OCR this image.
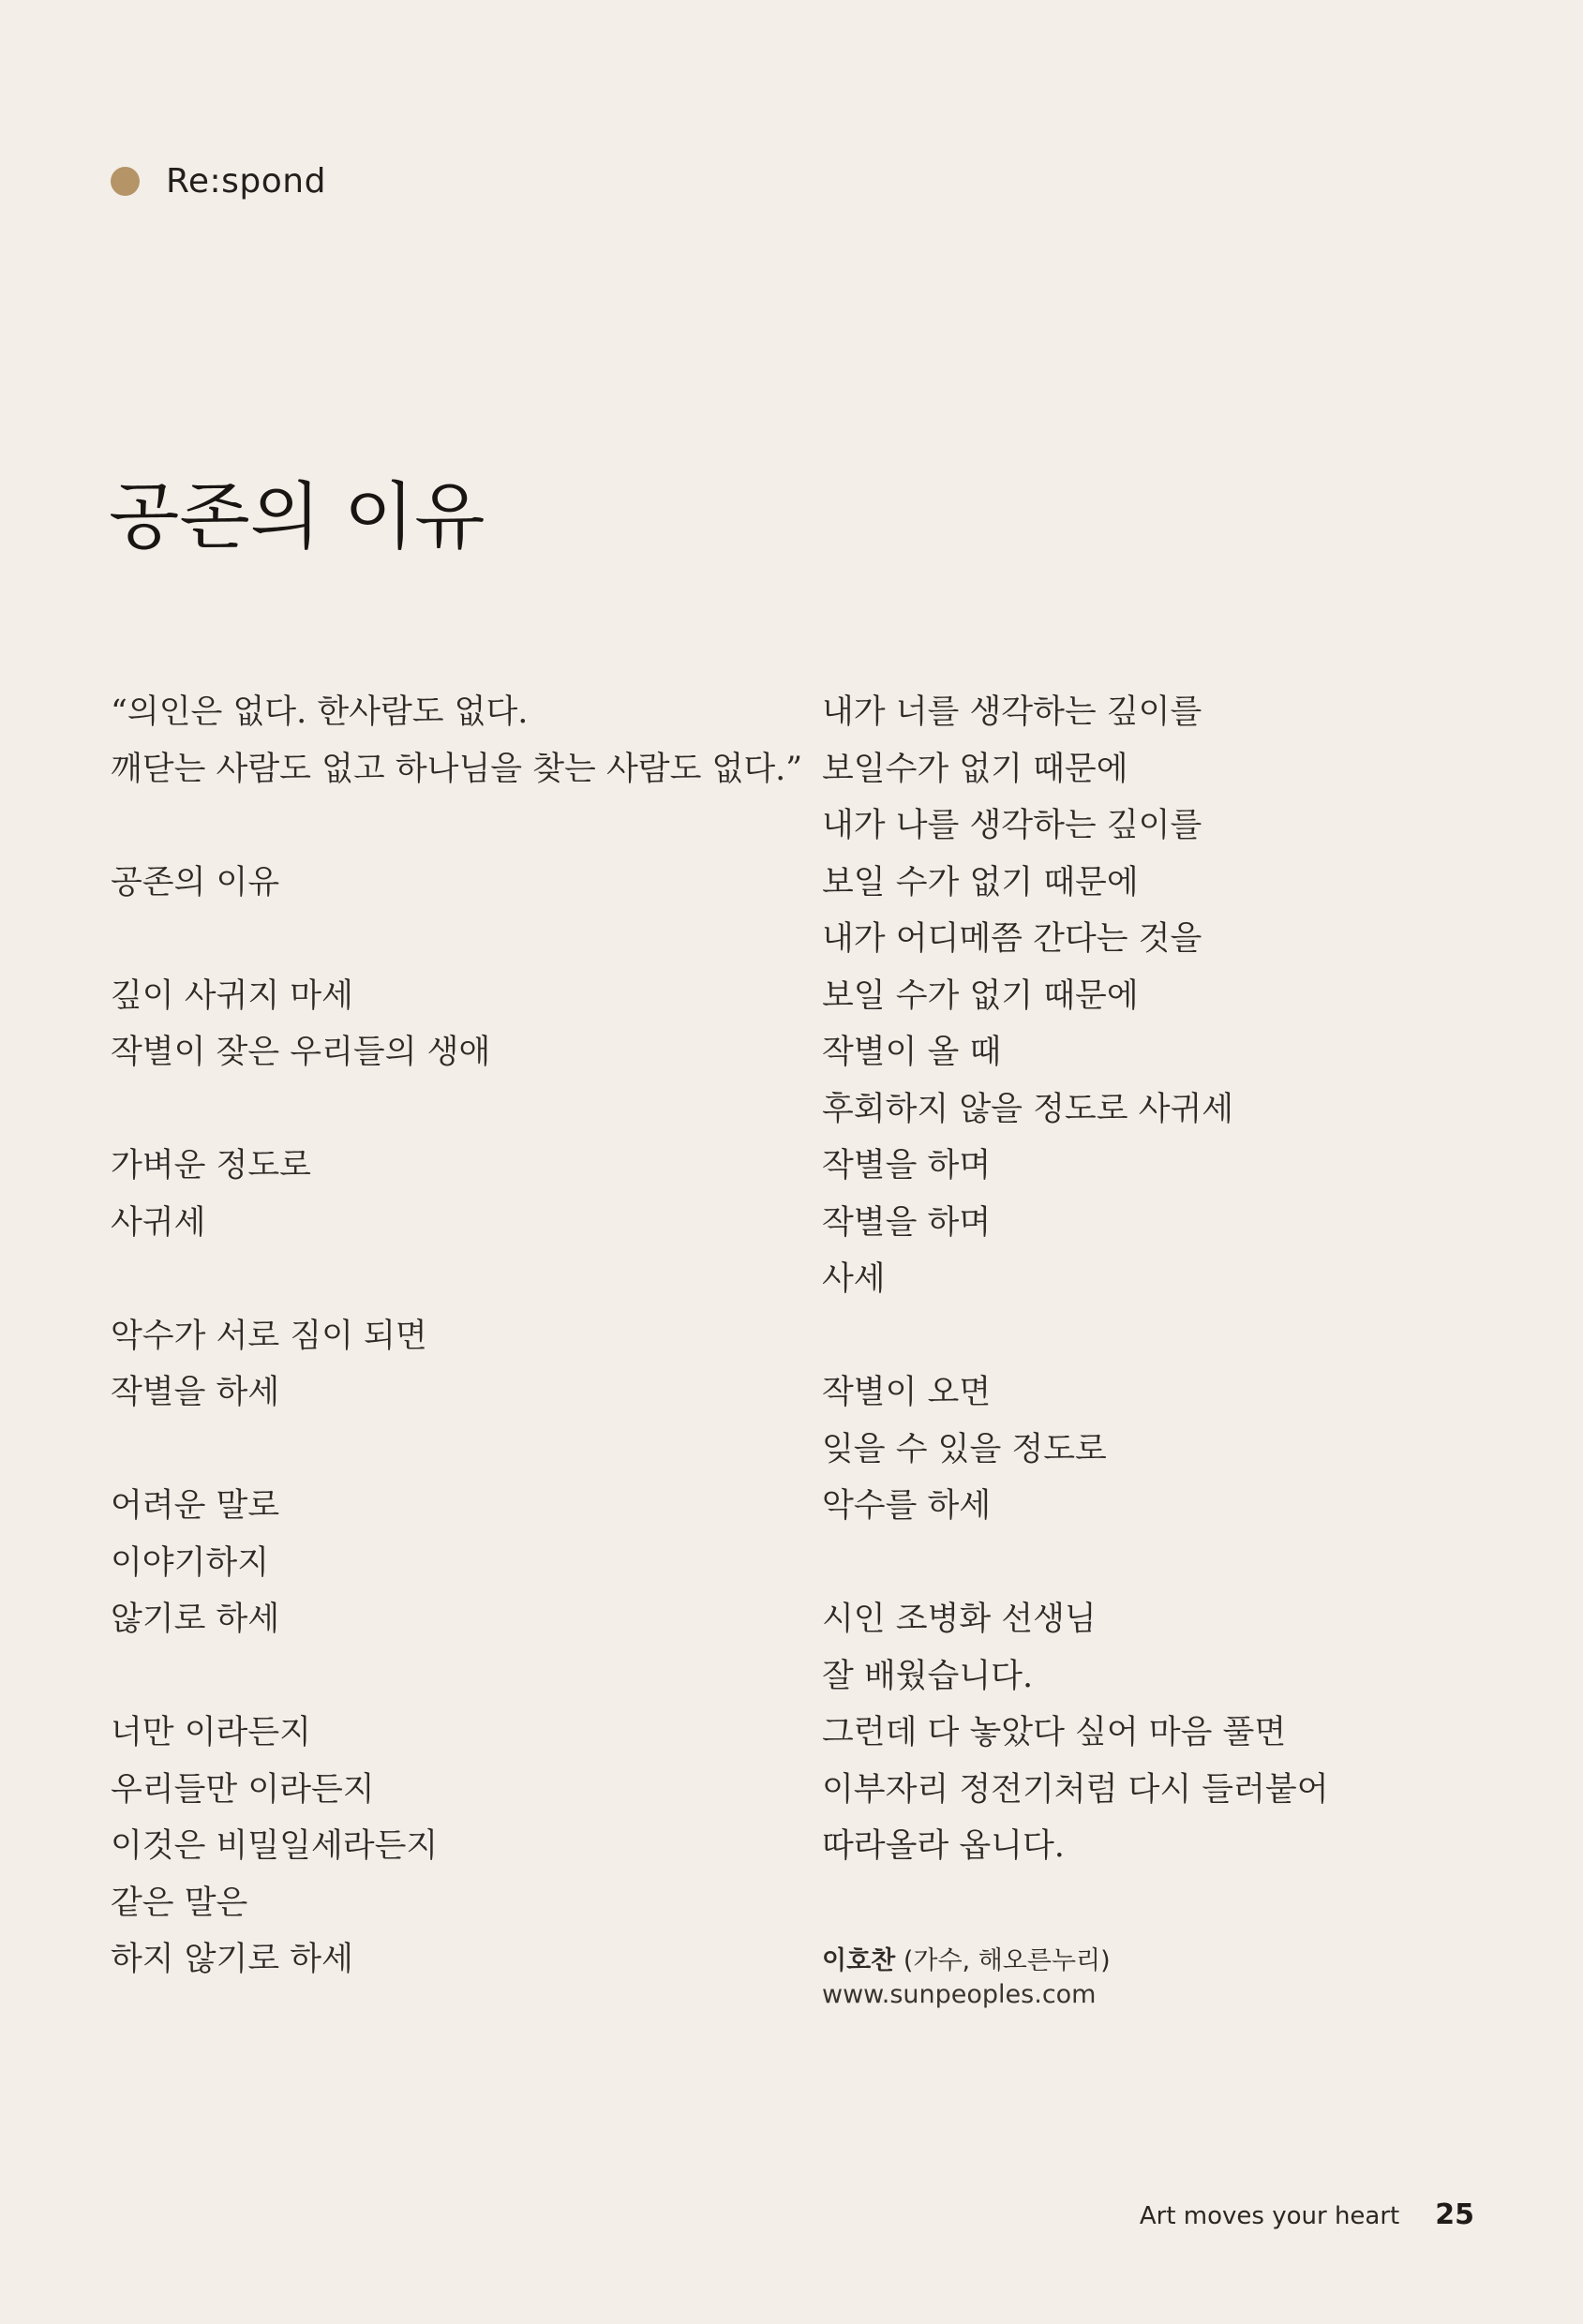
Re:spond
공존의 이유
“의인은 없다. 한사람도 없다.
깨닫는 사람도 없고 하나님을 찾는 사람도 없다.”
공존의 이유
깊이 사귀지 마세
작별이 잦은 우리들의 생애
가벼운 정도로
사귀세
악수가 서로 짐이 되면
작별을 하세
어려운 말로
이야기하지
않기로 하세
너만 이라든지
우리들만 이라든지
이것은 비밀일세라든지
같은 말은
하지 않기로 하세
내가 너를 생각하는 깊이를
보일수가 없기 때문에
내가 나를 생각하는 깊이를
보일 수가 없기 때문에
내가 어디메쯤 간다는 것을
보일 수가 없기 때문에
작별이 올 때
후회하지 않을 정도로 사귀세
작별을 하며
작별을 하며
사세
작별이 오면
잊을 수 있을 정도로
악수를 하세
시인 조병화 선생님
잘 배웠습니다.
그런데 다 놓았다 싶어 마음 풀면
이부자리 정전기처럼 다시 들러붙어
따라올라 옵니다.
이호찬 (가수, 해오른누리)
www.sunpeoples.com
Art moves your heart 25
